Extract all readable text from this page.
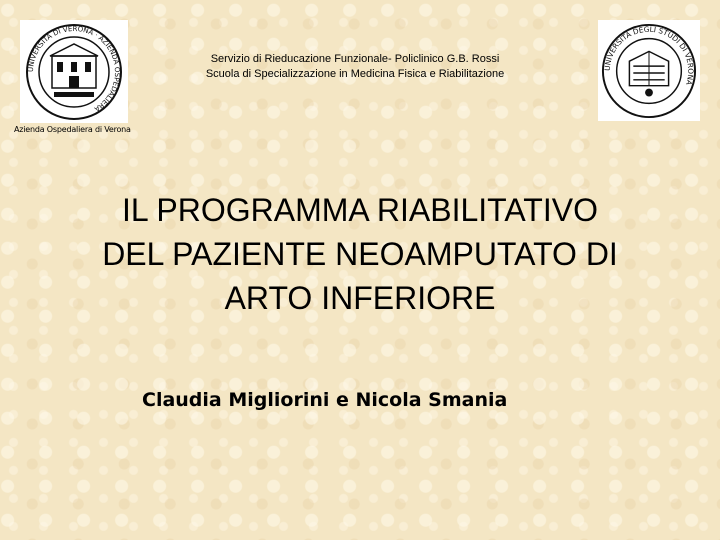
UNIVERSITÀ DI VERONA · AZIENDA OSPEDALIERA
UNIVERSITÀ DEGLI STUDI DI VERONA
Servizio di Rieducazione Funzionale- Policlinico G.B. Rossi
Scuola di Specializzazione in Medicina Fisica e Riabilitazione
Azienda Ospedaliera di Verona
IL PROGRAMMA RIABILITATIVO
DEL PAZIENTE NEOAMPUTATO DI
ARTO INFERIORE
Claudia Migliorini e Nicola Smania
